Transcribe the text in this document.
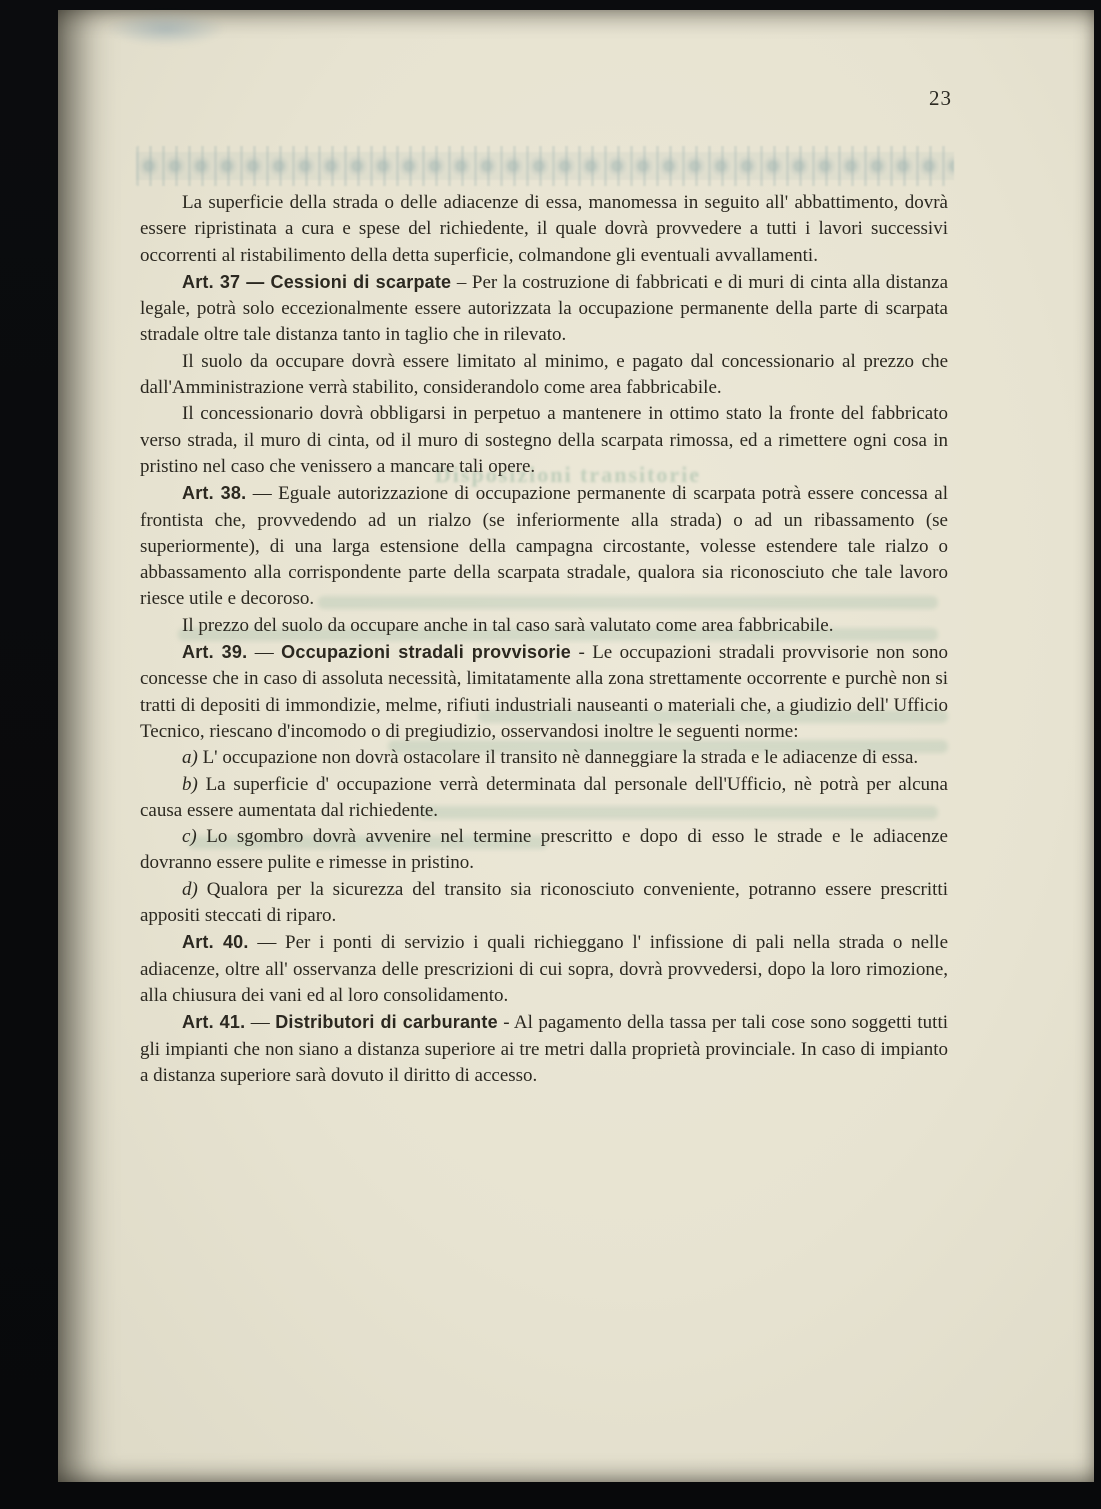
23
Disposizioni transitorie

La superficie della strada o delle adiacenze di essa, manomessa in seguito all' abbattimento, dovrà essere ripristinata a cura e spese del richiedente, il quale dovrà provvedere a tutti i lavori successivi occorrenti al ristabilimento della detta superficie, colmandone gli eventuali avvallamenti.

Art. 37 — Cessioni di scarpate – Per la costruzione di fabbricati e di muri di cinta alla distanza legale, potrà solo eccezionalmente essere autorizzata la occupazione permanente della parte di scarpata stradale oltre tale distanza tanto in taglio che in rilevato.

Il suolo da occupare dovrà essere limitato al minimo, e pagato dal concessionario al prezzo che dall'Amministrazione verrà stabilito, considerandolo come area fabbricabile.

Il concessionario dovrà obbligarsi in perpetuo a mantenere in ottimo stato la fronte del fabbricato verso strada, il muro di cinta, od il muro di sostegno della scarpata rimossa, ed a rimettere ogni cosa in pristino nel caso che venissero a mancare tali opere.

Art. 38. — Eguale autorizzazione di occupazione permanente di scarpata potrà essere concessa al frontista che, provvedendo ad un rialzo (se inferiormente alla strada) o ad un ribassamento (se superiormente), di una larga estensione della campagna circostante, volesse estendere tale rialzo o abbassamento alla corrispondente parte della scarpata stradale, qualora sia riconosciuto che tale lavoro riesce utile e decoroso.

Il prezzo del suolo da occupare anche in tal caso sarà valutato come area fabbricabile.

Art. 39. — Occupazioni stradali provvisorie - Le occupazioni stradali provvisorie non sono concesse che in caso di assoluta necessità, limitatamente alla zona strettamente occorrente e purchè non si tratti di depositi di immondizie, melme, rifiuti industriali nauseanti o materiali che, a giudizio dell' Ufficio Tecnico, riescano d'incomodo o di pregiudizio, osservandosi inoltre le seguenti norme:

a) L' occupazione non dovrà ostacolare il transito nè danneggiare la strada e le adiacenze di essa.

b) La superficie d' occupazione verrà determinata dal personale dell'Ufficio, nè potrà per alcuna causa essere aumentata dal richiedente.

c) Lo sgombro dovrà avvenire nel termine prescritto e dopo di esso le strade e le adiacenze dovranno essere pulite e rimesse in pristino.

d) Qualora per la sicurezza del transito sia riconosciuto conveniente, potranno essere prescritti appositi steccati di riparo.

Art. 40. — Per i ponti di servizio i quali richieggano l' infissione di pali nella strada o nelle adiacenze, oltre all' osservanza delle prescrizioni di cui sopra, dovrà provvedersi, dopo la loro rimozione, alla chiusura dei vani ed al loro consolidamento.

Art. 41. — Distributori di carburante - Al pagamento della tassa per tali cose sono soggetti tutti gli impianti che non siano a distanza superiore ai tre metri dalla proprietà provinciale. In caso di impianto a distanza superiore sarà dovuto il diritto di accesso.
